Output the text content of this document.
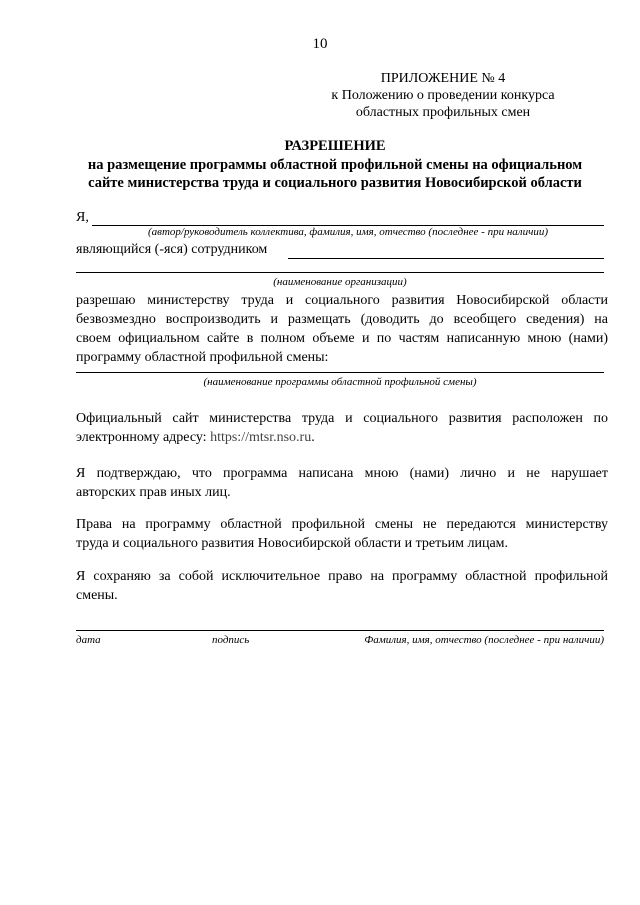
10
ПРИЛОЖЕНИЕ № 4
к Положению о проведении конкурса
областных профильных смен
РАЗРЕШЕНИЕ
на размещение программы областной профильной смены на официальном
сайте министерства труда и социального развития Новосибирской области
Я,
(автор/руководитель коллектива, фамилия, имя, отчество (последнее - при наличии)
являющийся (-яся) сотрудником
(наименование организации)
разрешаю министерству труда и социального развития Новосибирской области
безвозмездно воспроизводить и размещать (доводить до всеобщего сведения) на
своем официальном сайте в полном объеме и по частям написанную мною (нами)
программу областной профильной смены:
(наименование программы областной профильной смены)
Официальный сайт министерства труда и социального развития расположен по
электронному адресу: https://mtsr.nso.ru.
Я подтверждаю, что программа написана мною (нами) лично и не нарушает
авторских прав иных лиц.
Права на программу областной профильной смены не передаются министерству
труда и социального развития Новосибирской области и третьим лицам.
Я сохраняю за собой исключительное право на программу областной профильной
смены.
дата	подпись	Фамилия, имя, отчество (последнее - при наличии)
